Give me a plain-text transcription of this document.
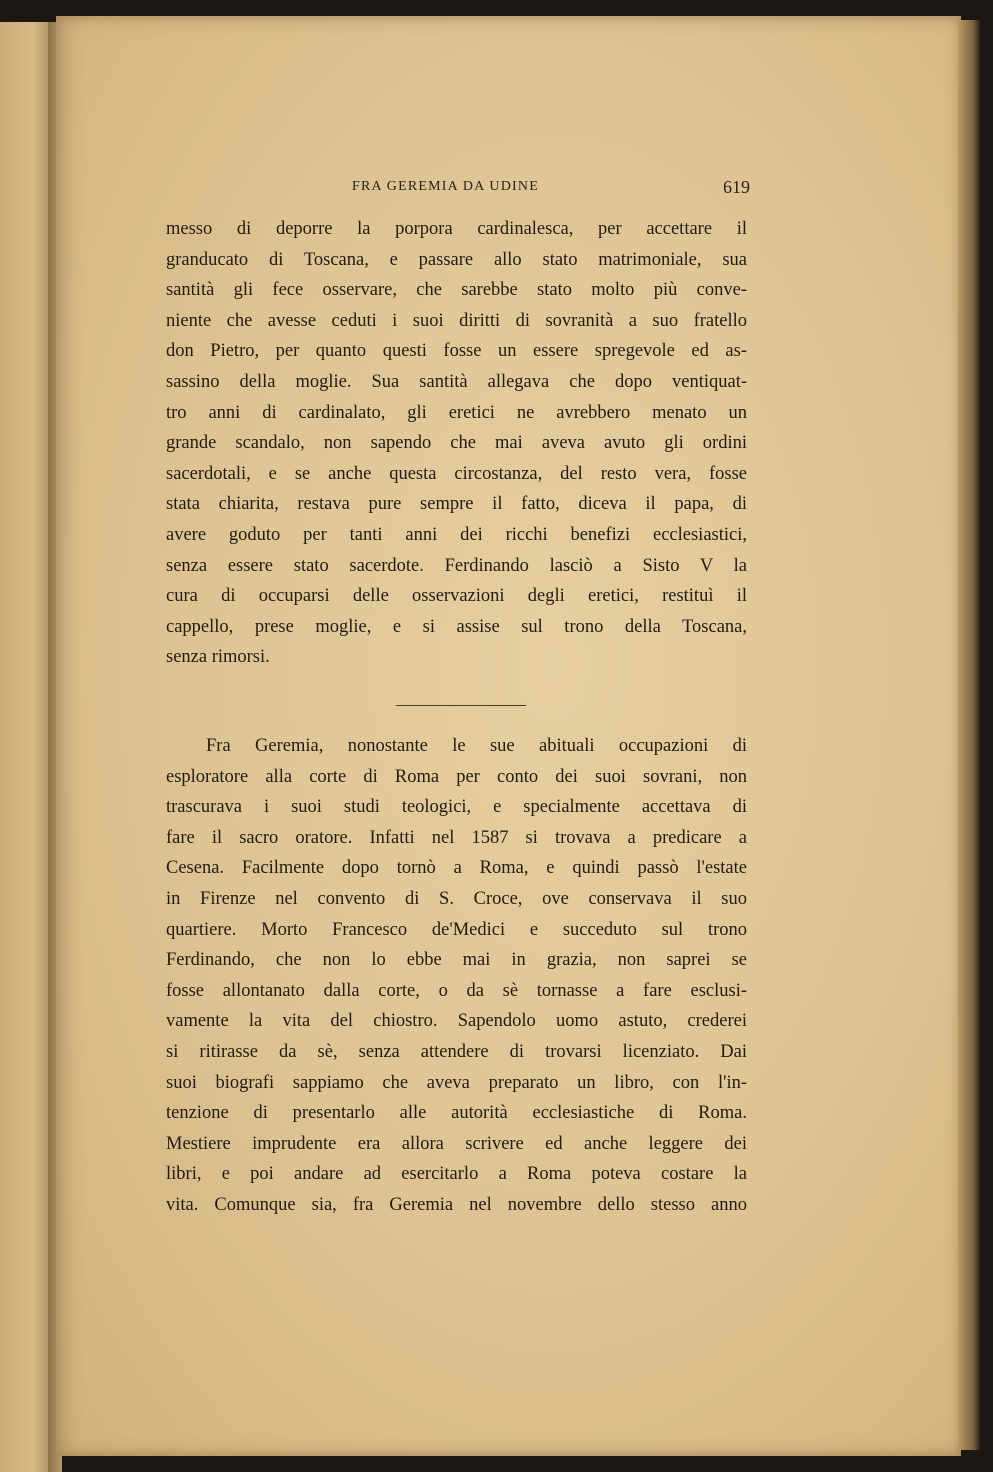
FRA GEREMIA DA UDINE	619
messo di deporre la porpora cardinalesca, per accettare il
granducato di Toscana, e passare allo stato matrimoniale, sua
santità gli fece osservare, che sarebbe stato molto più conve-
niente che avesse ceduti i suoi diritti di sovranità a suo fratello
don Pietro, per quanto questi fosse un essere spregevole ed as-
sassino della moglie. Sua santità allegava che dopo ventiquat-
tro anni di cardinalato, gli eretici ne avrebbero menato un
grande scandalo, non sapendo che mai aveva avuto gli ordini
sacerdotali, e se anche questa circostanza, del resto vera, fosse
stata chiarita, restava pure sempre il fatto, diceva il papa, di
avere goduto per tanti anni dei ricchi benefizi ecclesiastici,
senza essere stato sacerdote. Ferdinando lasciò a Sisto V la
cura di occuparsi delle osservazioni degli eretici, restituì il
cappello, prese moglie, e si assise sul trono della Toscana,
senza rimorsi.
Fra Geremia, nonostante le sue abituali occupazioni di
esploratore alla corte di Roma per conto dei suoi sovrani, non
trascurava i suoi studi teologici, e specialmente accettava di
fare il sacro oratore. Infatti nel 1587 si trovava a predicare a
Cesena. Facilmente dopo tornò a Roma, e quindi passò l'estate
in Firenze nel convento di S. Croce, ove conservava il suo
quartiere. Morto Francesco de'Medici e succeduto sul trono
Ferdinando, che non lo ebbe mai in grazia, non saprei se
fosse allontanato dalla corte, o da sè tornasse a fare esclusi-
vamente la vita del chiostro. Sapendolo uomo astuto, crederei
si ritirasse da sè, senza attendere di trovarsi licenziato. Dai
suoi biografi sappiamo che aveva preparato un libro, con l'in-
tenzione di presentarlo alle autorità ecclesiastiche di Roma.
Mestiere imprudente era allora scrivere ed anche leggere dei
libri, e poi andare ad esercitarlo a Roma poteva costare la
vita. Comunque sia, fra Geremia nel novembre dello stesso anno
